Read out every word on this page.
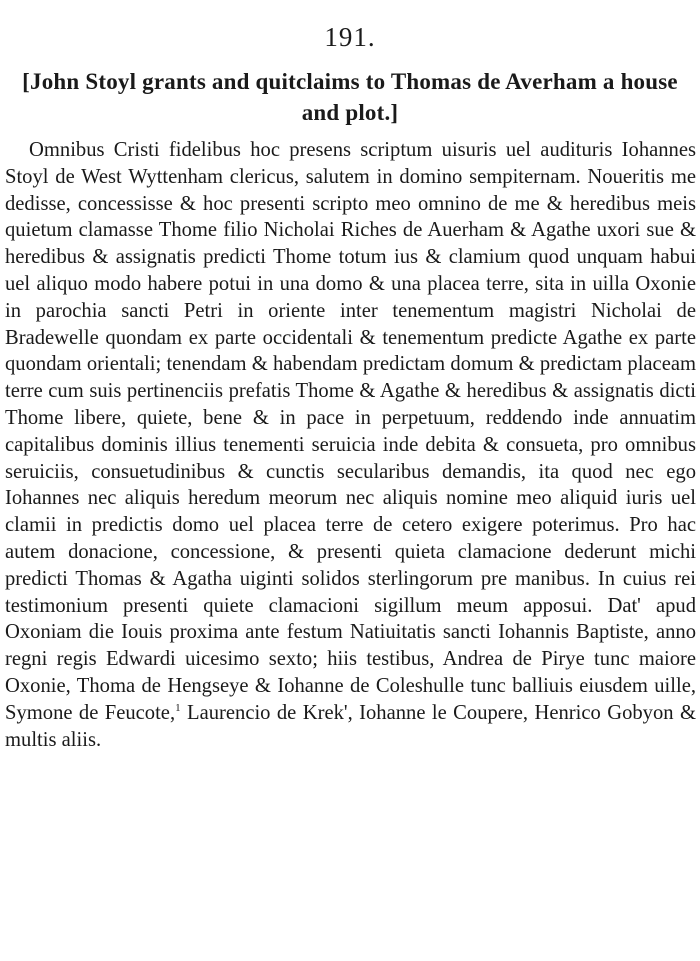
191.
[John Stoyl grants and quitclaims to Thomas de Averham a house and plot.]
Omnibus Cristi fidelibus hoc presens scriptum uisuris uel audituris Iohannes Stoyl de West Wyttenham clericus, salutem in domino sempiternam. Noueritis me dedisse, concessisse & hoc presenti scripto meo omnino de me & heredibus meis quietum clamasse Thome filio Nicholai Riches de Auerham & Agathe uxori sue & heredibus & assignatis predicti Thome totum ius & clamium quod unquam habui uel aliquo modo habere potui in una domo & una placea terre, sita in uilla Oxonie in parochia sancti Petri in oriente inter tenementum magistri Nicholai de Bradewelle quondam ex parte occidentali & tenementum predicte Agathe ex parte quondam orientali; tenendam & habendam predictam domum & predictam placeam terre cum suis pertinenciis prefatis Thome & Agathe & heredibus & assignatis dicti Thome libere, quiete, bene & in pace in perpetuum, reddendo inde annuatim capitalibus dominis illius tenementi seruicia inde debita & consueta, pro omnibus seruiciis, consuetudinibus & cunctis secularibus demandis, ita quod nec ego Iohannes nec aliquis heredum meorum nec aliquis nomine meo aliquid iuris uel clamii in predictis domo uel placea terre de cetero exigere poterimus. Pro hac autem donacione, concessione, & presenti quieta clamacione dederunt michi predicti Thomas & Agatha uiginti solidos sterlingorum pre manibus. In cuius rei testimonium presenti quiete clamacioni sigillum meum apposui. Dat' apud Oxoniam die Iouis proxima ante festum Natiuitatis sancti Iohannis Baptiste, anno regni regis Edwardi uicesimo sexto; hiis testibus, Andrea de Pirye tunc maiore Oxonie, Thoma de Hengseye & Iohanne de Coleshulle tunc balliuis eiusdem uille, Symone de Feucote,$^1$ Laurencio de Krek', Iohanne le Coupere, Henrico Gobyon & multis aliis.
